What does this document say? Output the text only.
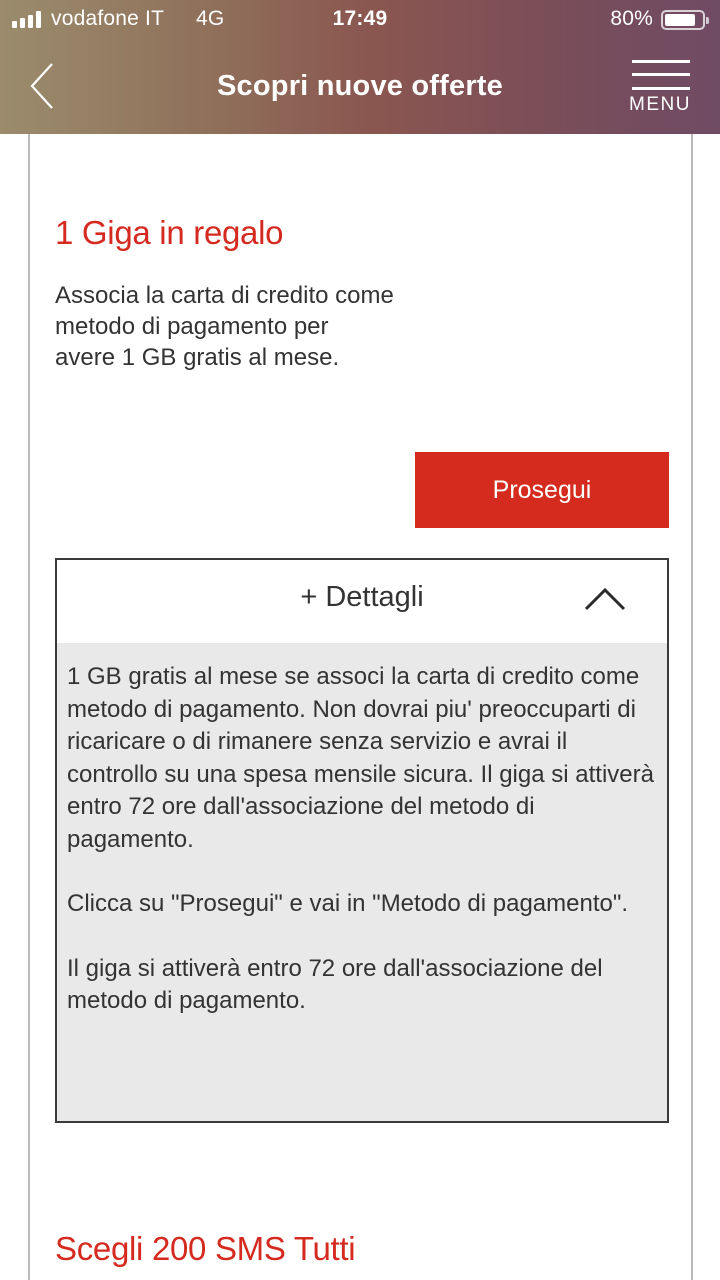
vodafone IT 4G	17:49	80%
Scopri nuove offerte
MENU
1 Giga in regalo
Associa la carta di credito come metodo di pagamento per avere 1 GB gratis al mese.
Prosegui
+ Dettagli

1 GB gratis al mese se associ la carta di credito come metodo di pagamento. Non dovrai piu' preoccuparti di ricaricare o di rimanere senza servizio e avrai il controllo su una spesa mensile sicura. Il giga si attiverà entro 72 ore dall'associazione del metodo di pagamento.

Clicca su "Prosegui" e vai in "Metodo di pagamento".

Il giga si attiverà entro 72 ore dall'associazione del metodo di pagamento.

Scegli 200 SMS Tutti
